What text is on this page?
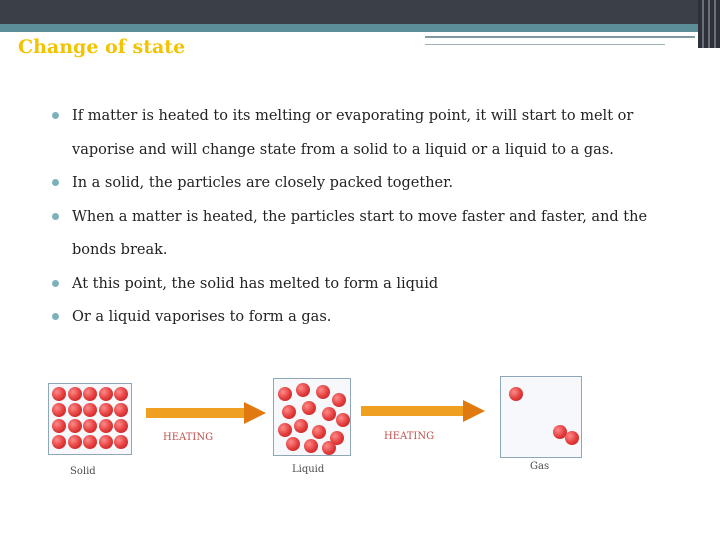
Change of state
If matter is heated to its melting or evaporating point, it will start to melt or vaporise and will change state from a solid to a liquid or a liquid to a gas.
In a solid, the particles are closely packed together.
When a matter is heated, the particles start to move faster and faster, and the bonds break.
At this point, the solid has melted to form a liquid
Or a liquid vaporises to form a gas.
HEATING	HEATING
Solid	Liquid	Gas
